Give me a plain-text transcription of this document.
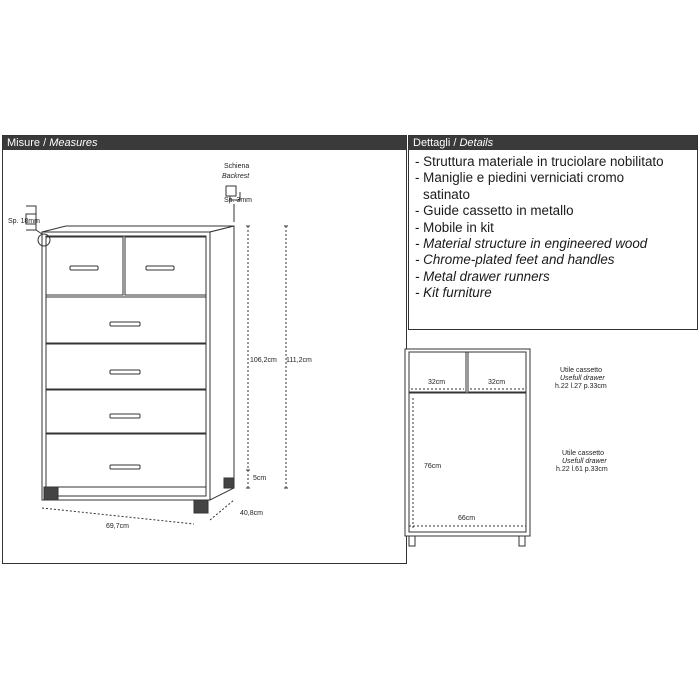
Misure / Measures	Dettagli / Details
- Struttura materiale in truciolare nobilitato
- Maniglie e piedini verniciati cromo
satinato
- Guide cassetto in metallo
- Mobile in kit
- Material structure in engineered wood
- Chrome-plated feet and handles
- Metal drawer runners
- Kit furniture
Sp. 18mm
Schiena
Backrest
Sp. 3mm
106,2cm 111,2cm
5cm
69,7cm
40,8cm
32cm	32cm
76cm
66cm
Utile cassetto
Usefull drawer
h.22 l.27 p.33cm
Utile cassetto
Usefull drawer
h.22 l.61 p.33cm
